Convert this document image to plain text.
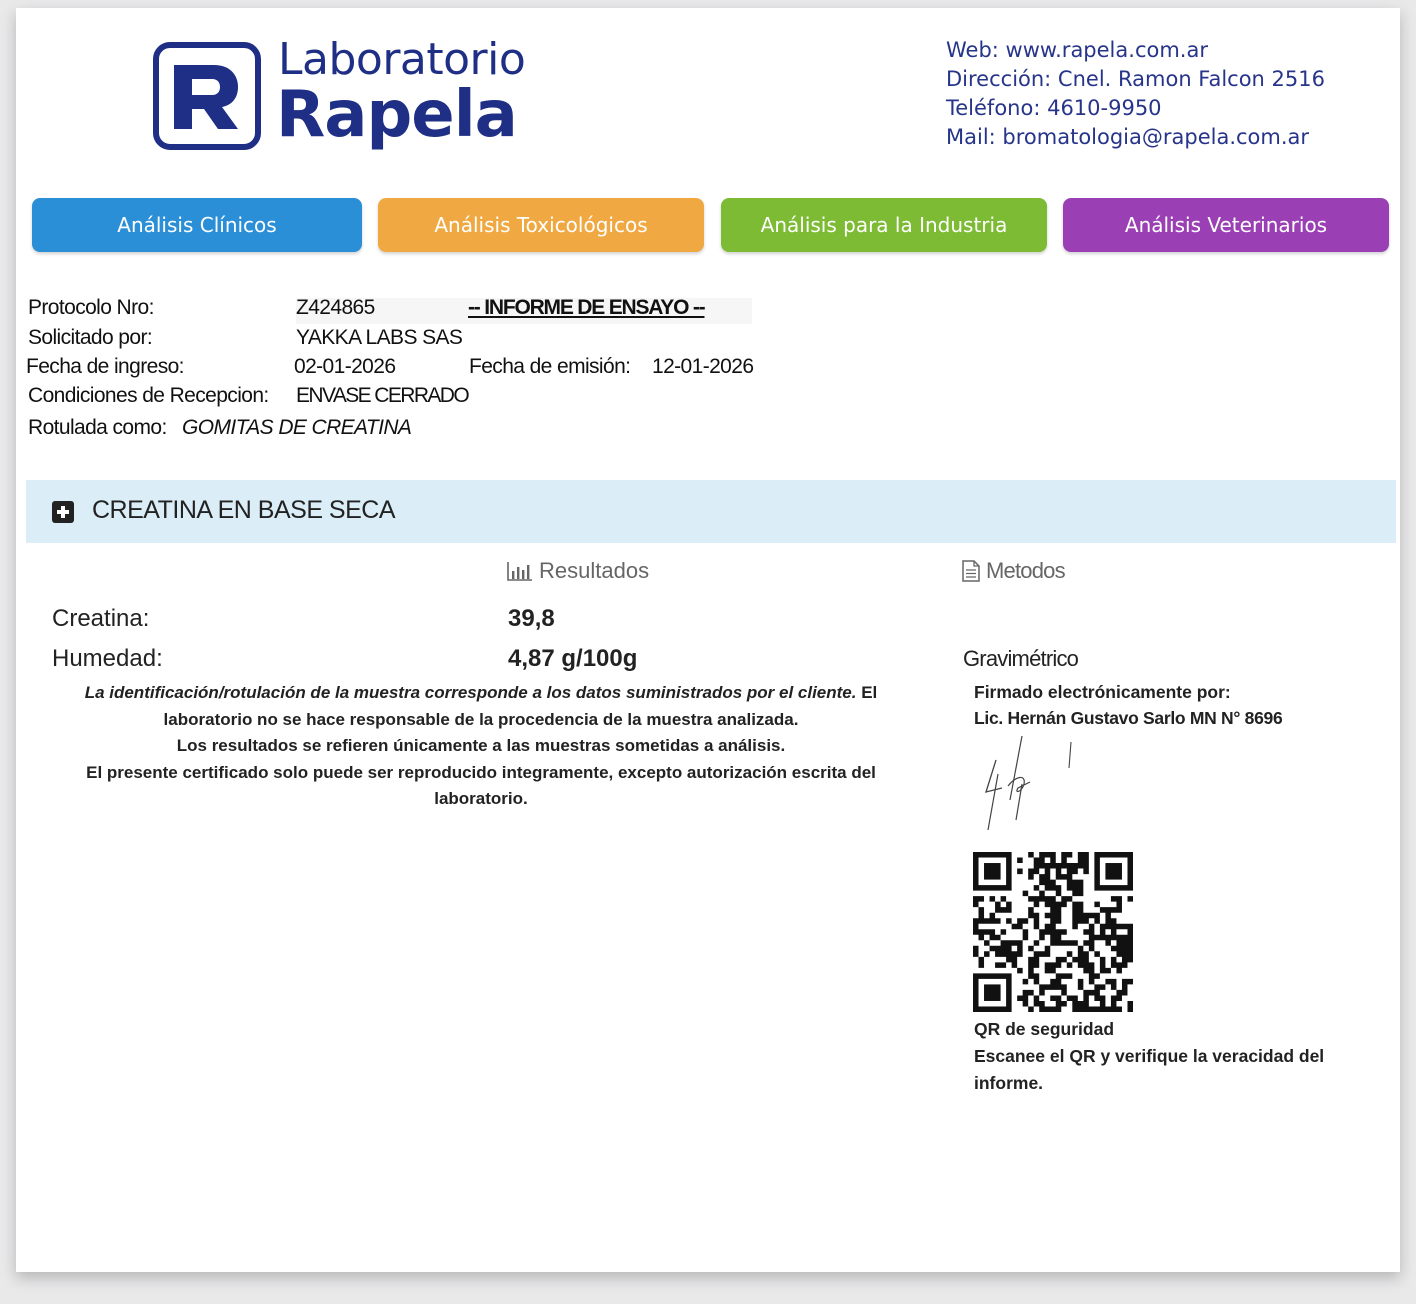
Laboratorio
Rapela
Web: www.rapela.com.ar
Dirección: Cnel. Ramon Falcon 2516
Teléfono: 4610-9950
Mail: bromatologia@rapela.com.ar
Análisis Clínicos	Análisis Toxicológicos	Análisis para la Industria	Análisis Veterinarios
Protocolo Nro:	Z424865	-- INFORME DE ENSAYO --
Solicitado por:	YAKKA LABS SAS
Fecha de ingreso:	02-01-2026	Fecha de emisión: 12-01-2026
Condiciones de Recepcion: ENVASE CERRADO
Rotulada como: GOMITAS DE CREATINA
CREATINA EN BASE SECA
Resultados	Metodos
Creatina:	39,8
Humedad:	4,87 g/100g	Gravimétrico
La identificación/rotulación de la muestra corresponde a los datos suministrados por el cliente. El laboratorio no se hace responsable de la procedencia de la muestra analizada.
Los resultados se refieren únicamente a las muestras sometidas a análisis.
El presente certificado solo puede ser reproducido integramente, excepto autorización escrita del laboratorio.
Firmado electrónicamente por:
Lic. Hernán Gustavo Sarlo MN N° 8696
QR de seguridad
Escanee el QR y verifique la veracidad del informe.
